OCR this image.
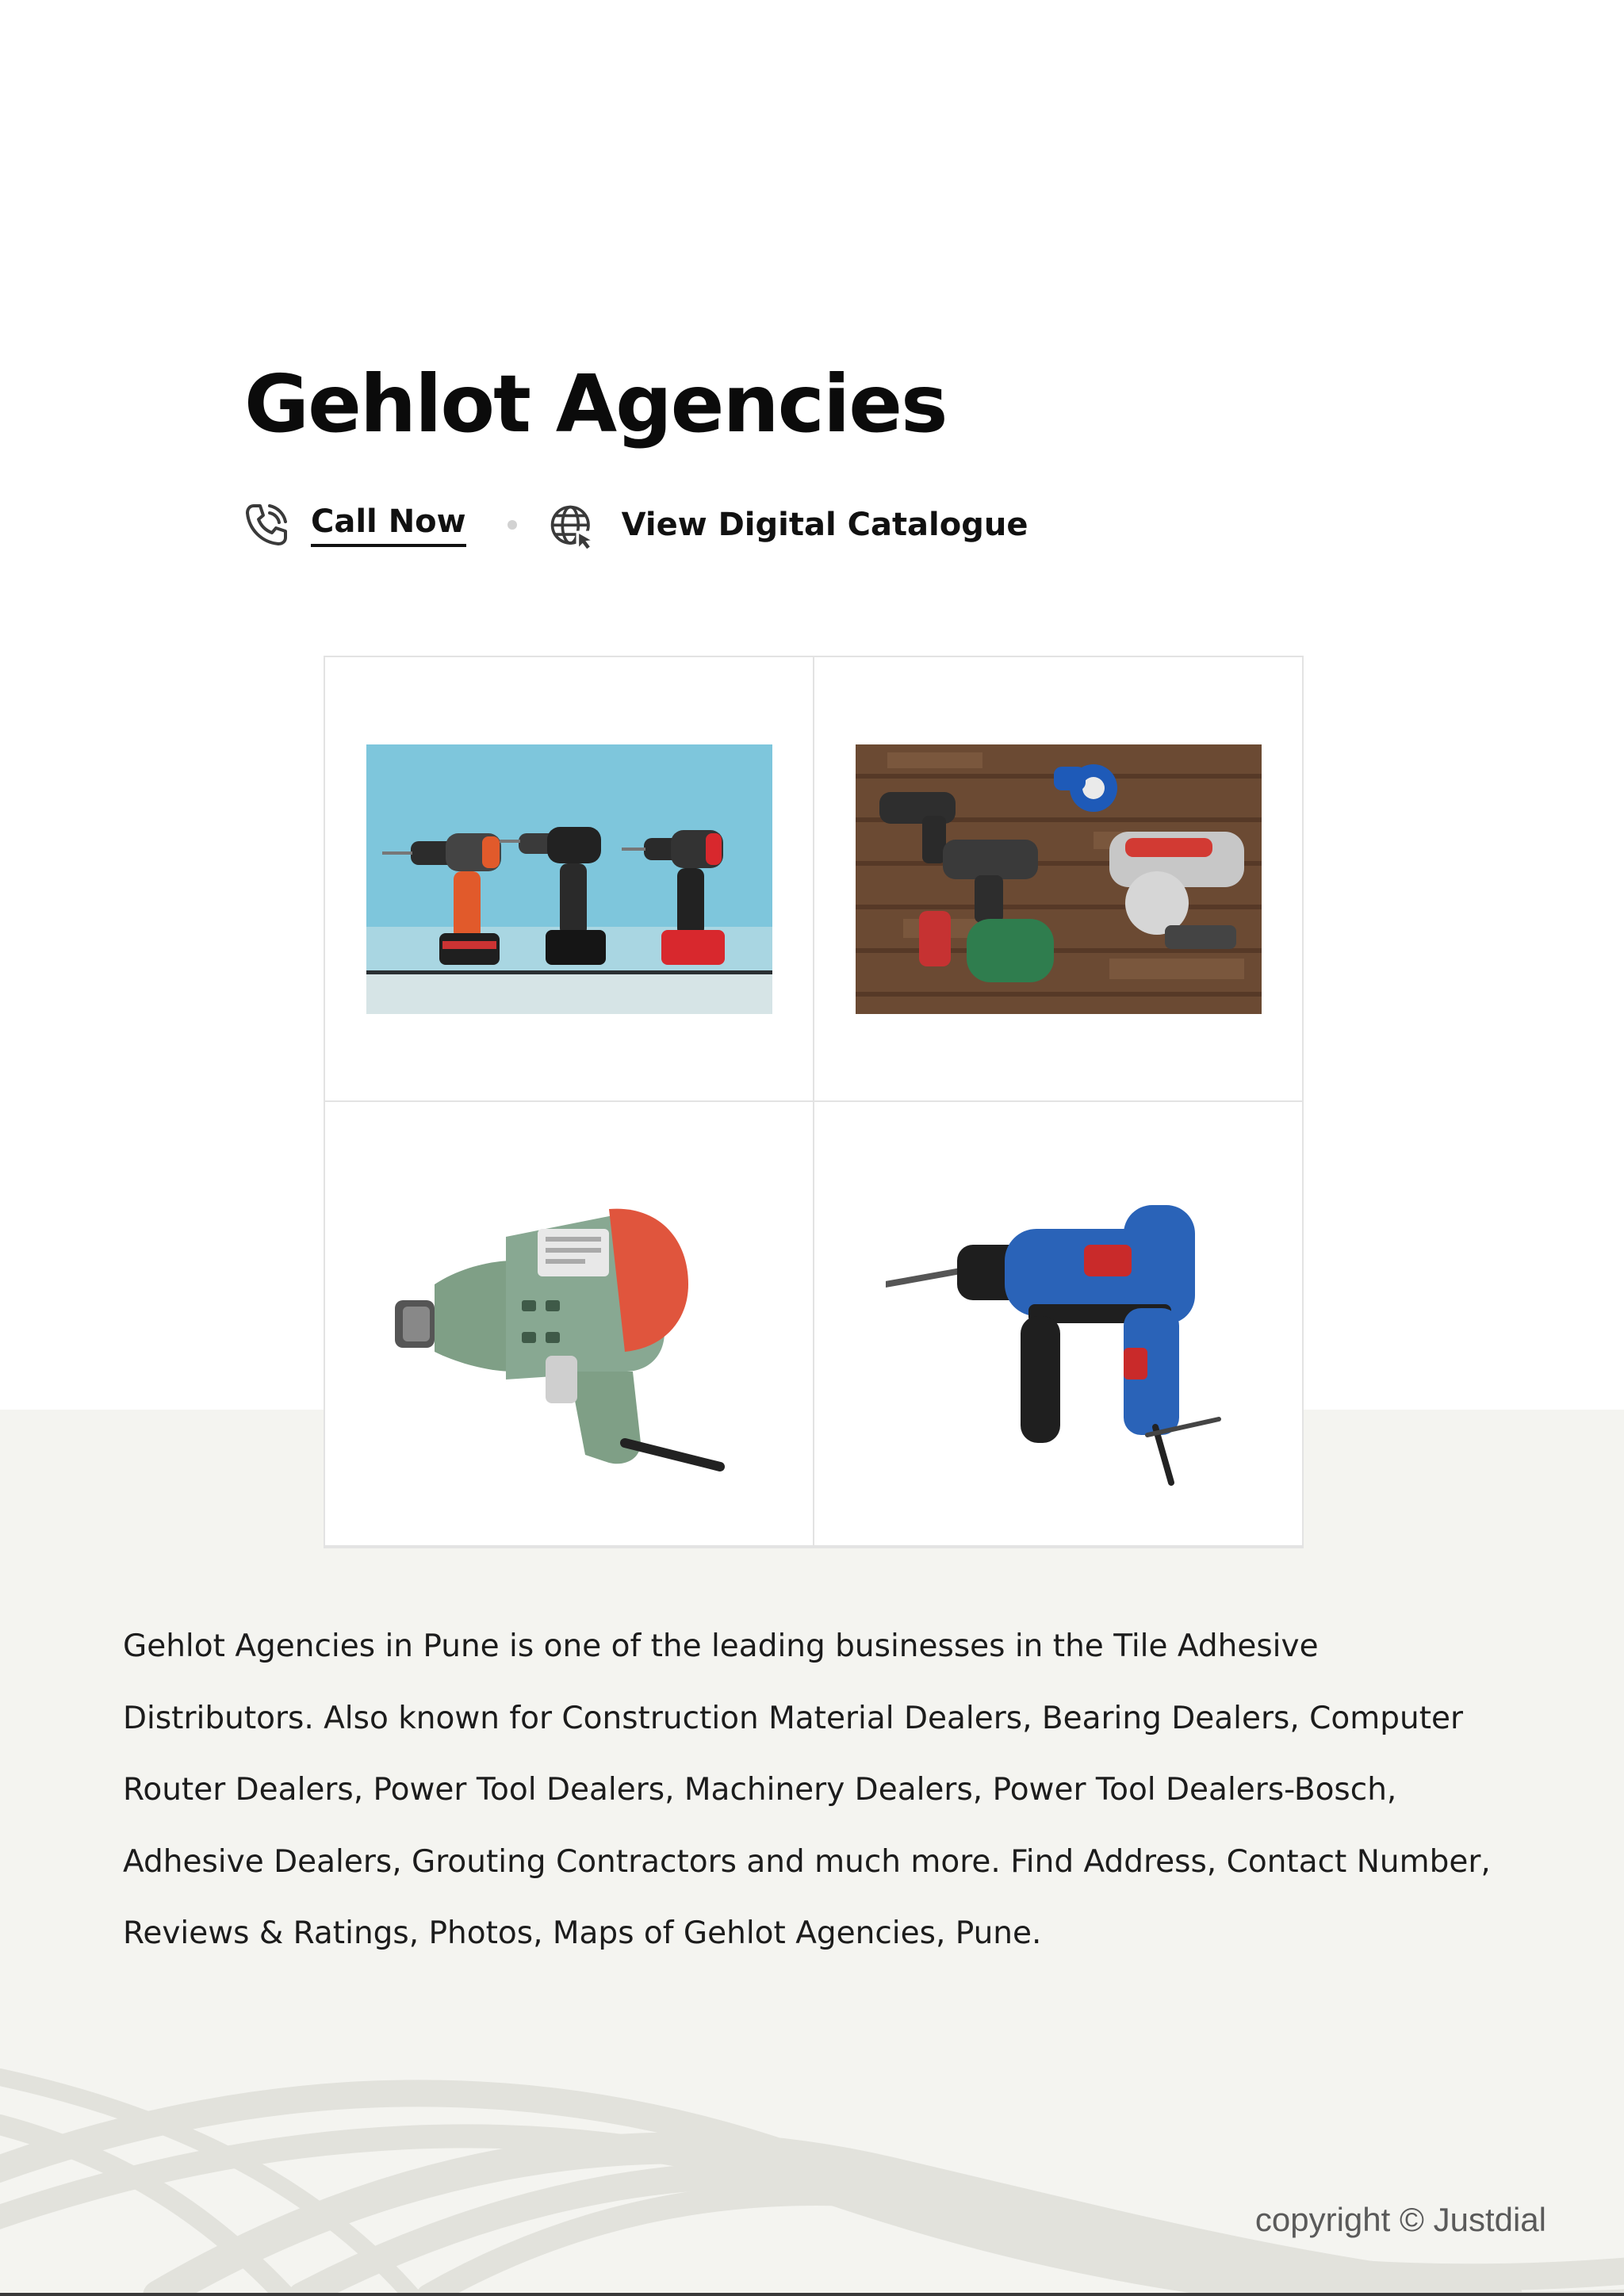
Gehlot Agencies
Call Now	View Digital Catalogue

Gehlot Agencies in Pune is one of the leading businesses in the Tile Adhesive Distributors. Also known for Construction Material Dealers, Bearing Dealers, Computer Router Dealers, Power Tool Dealers, Machinery Dealers, Power Tool Dealers-Bosch, Adhesive Dealers, Grouting Contractors and much more. Find Address, Contact Number, Reviews & Ratings, Photos, Maps of Gehlot Agencies, Pune.

copyright © Justdial
